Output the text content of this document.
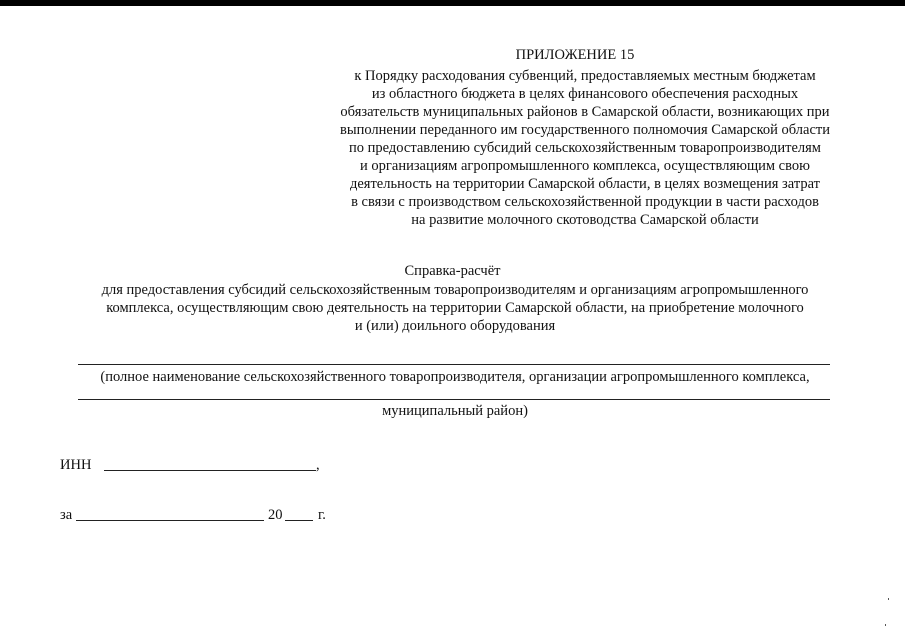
ПРИЛОЖЕНИЕ 15
к Порядку расходования субвенций, предоставляемых местным бюджетам
из областного бюджета в целях финансового обеспечения расходных
обязательств муниципальных районов в Самарской области, возникающих при
выполнении переданного им государственного полномочия Самарской области
по предоставлению субсидий сельскохозяйственным товаропроизводителям
и организациям агропромышленного комплекса, осуществляющим свою
деятельность на территории Самарской области, в целях возмещения затрат
в связи с производством сельскохозяйственной продукции в части расходов
на развитие молочного скотоводства Самарской области
Справка-расчёт
для предоставления субсидий сельскохозяйственным товаропроизводителям и организациям агропромышленного
комплекса, осуществляющим свою деятельность на территории Самарской области, на приобретение молочного
и (или) доильного оборудования
(полное наименование сельскохозяйственного товаропроизводителя, организации агропромышленного комплекса,
муниципальный район)
ИНН	,
за	20 г.
